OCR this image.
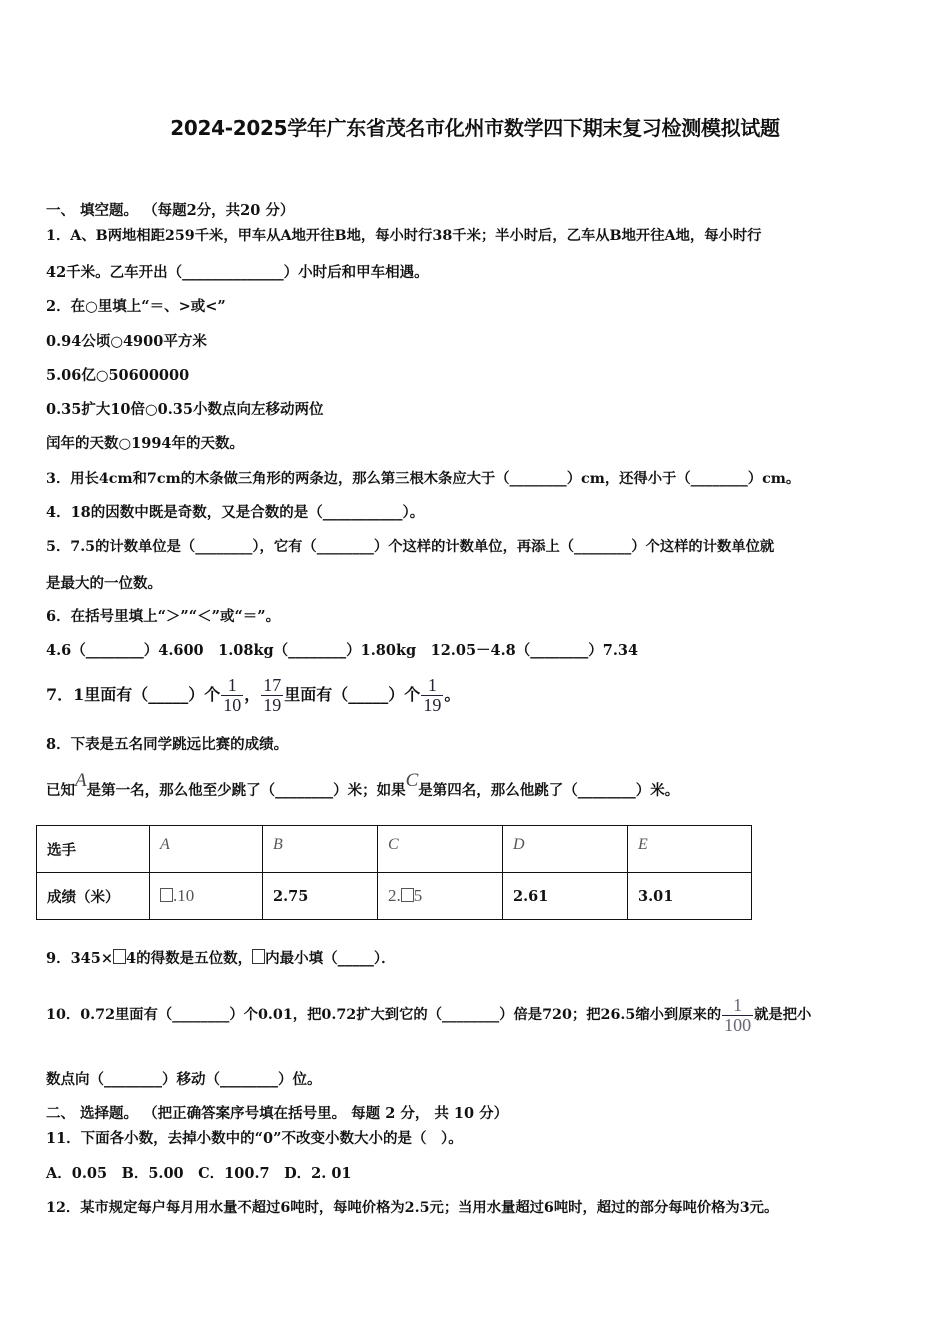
2024-2025学年广东省茂名市化州市数学四下期末复习检测模拟试题
一、 填空题。 （每题2分，共20 分）
1．A、B两地相距259千米，甲车从A地开往B地，每小时行38千米；半小时后，乙车从B地开往A地，每小时行
42千米。乙车开出（______________）小时后和甲车相遇。
2．在○里填上“＝、>或<”
0.94公顷○4900平方米
5.06亿○50600000
0.35扩大10倍○0.35小数点向左移动两位
闰年的天数○1994年的天数。
3．用长4cm和7cm的木条做三角形的两条边，那么第三根木条应大于（________）cm，还得小于（________）cm。
4．18的因数中既是奇数，又是合数的是（___________）。
5．7.5的计数单位是（________），它有（________）个这样的计数单位，再添上（________）个这样的计数单位就
是最大的一位数。
6．在括号里填上“＞”“＜”或“＝”。
4.6（________）4.600　1.08kg（________）1.80kg　12.05－4.8（________）7.34
7．1里面有（_____）个 $\frac{1}{10}$ ， $\frac{17}{19}$ 里面有（_____）个 $\frac{1}{19}$ 。
8．下表是五名同学跳远比赛的成绩。
已知A是第一名，那么他至少跳了（________）米；如果C是第四名，那么他跳了（________）米。
选手	A	B	C	D	E
成绩（米）	.10	2.75	2. 5	2.61	3.01
9．345× 4的得数是五位数， 内最小填（_____）．
10．0.72里面有（________）个0.01，把0.72扩大到它的（________）倍是720；把26.5缩小到原来的 $\frac{1}{100}$ 就是把小
数点向（________）移动（________）位。
二、 选择题。 （把正确答案序号填在括号里。 每题 2 分， 共 10 分）
11．下面各小数，去掉小数中的“0”不改变小数大小的是（　）。
A．0.05　B．5.00　C．100.7　D．2. 01
12．某市规定每户每月用水量不超过6吨时，每吨价格为2.5元；当用水量超过6吨时，超过的部分每吨价格为3元。
